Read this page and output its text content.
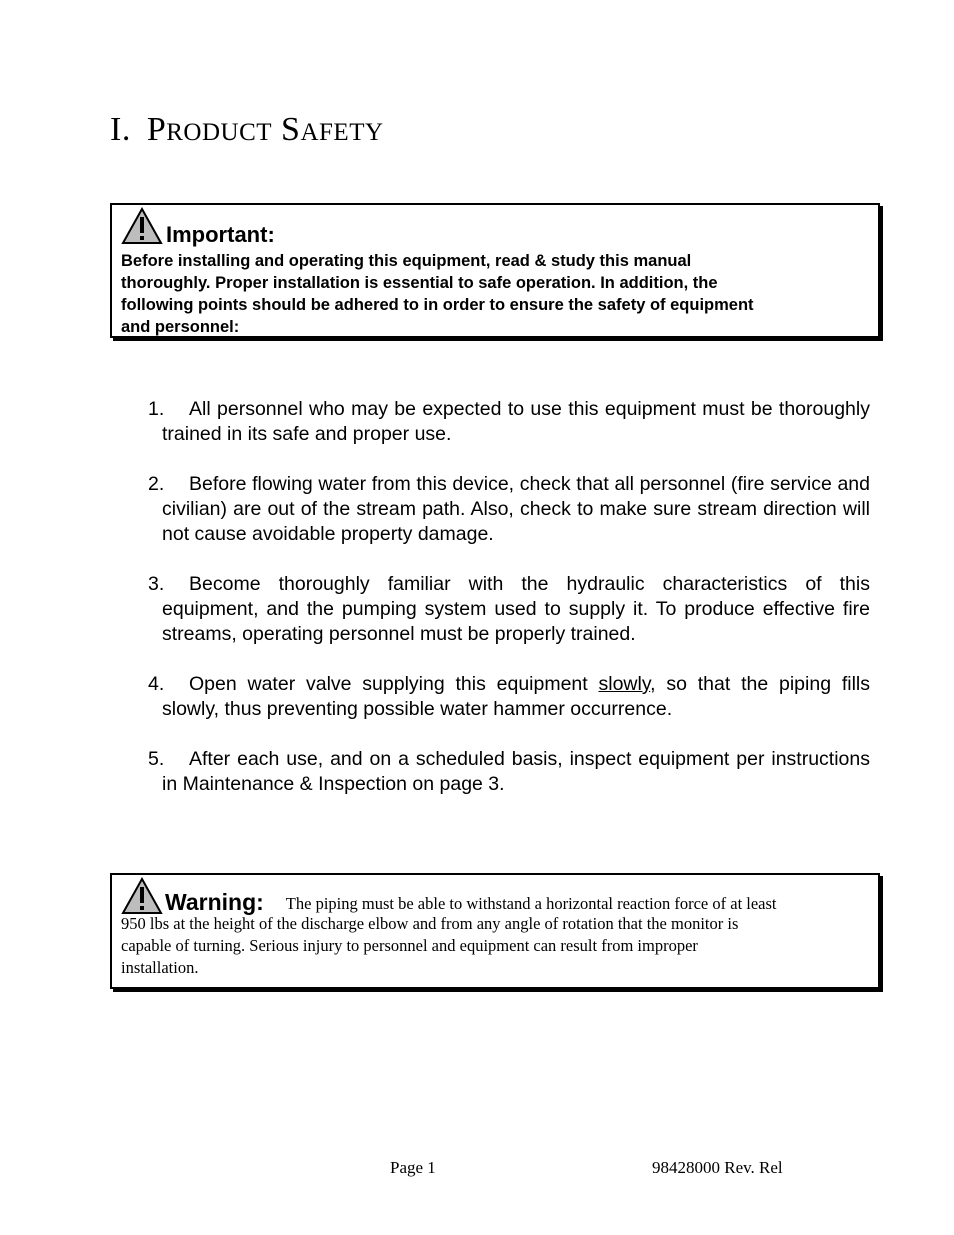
I. PRODUCT SAFETY
Important:
Before installing and operating this equipment, read & study this manual
thoroughly. Proper installation is essential to safe operation. In addition, the
following points should be adhered to in order to ensure the safety of equipment
and personnel:
1. All personnel who may be expected to use this equipment must be thoroughly trained in its safe and proper use.
2. Before flowing water from this device, check that all personnel (fire service and civilian) are out of the stream path. Also, check to make sure stream direction will not cause avoidable property damage.
3. Become thoroughly familiar with the hydraulic characteristics of this equipment, and the pumping system used to supply it. To produce effective fire streams, operating personnel must be properly trained.
4. Open water valve supplying this equipment slowly, so that the piping fills slowly, thus preventing possible water hammer occurrence.
5. After each use, and on a scheduled basis, inspect equipment per instructions in Maintenance & Inspection on page 3.
Warning: The piping must be able to withstand a horizontal reaction force of at least
950 lbs at the height of the discharge elbow and from any angle of rotation that the monitor is
capable of turning. Serious injury to personnel and equipment can result from improper
installation.
Page 1	98428000 Rev. Rel
